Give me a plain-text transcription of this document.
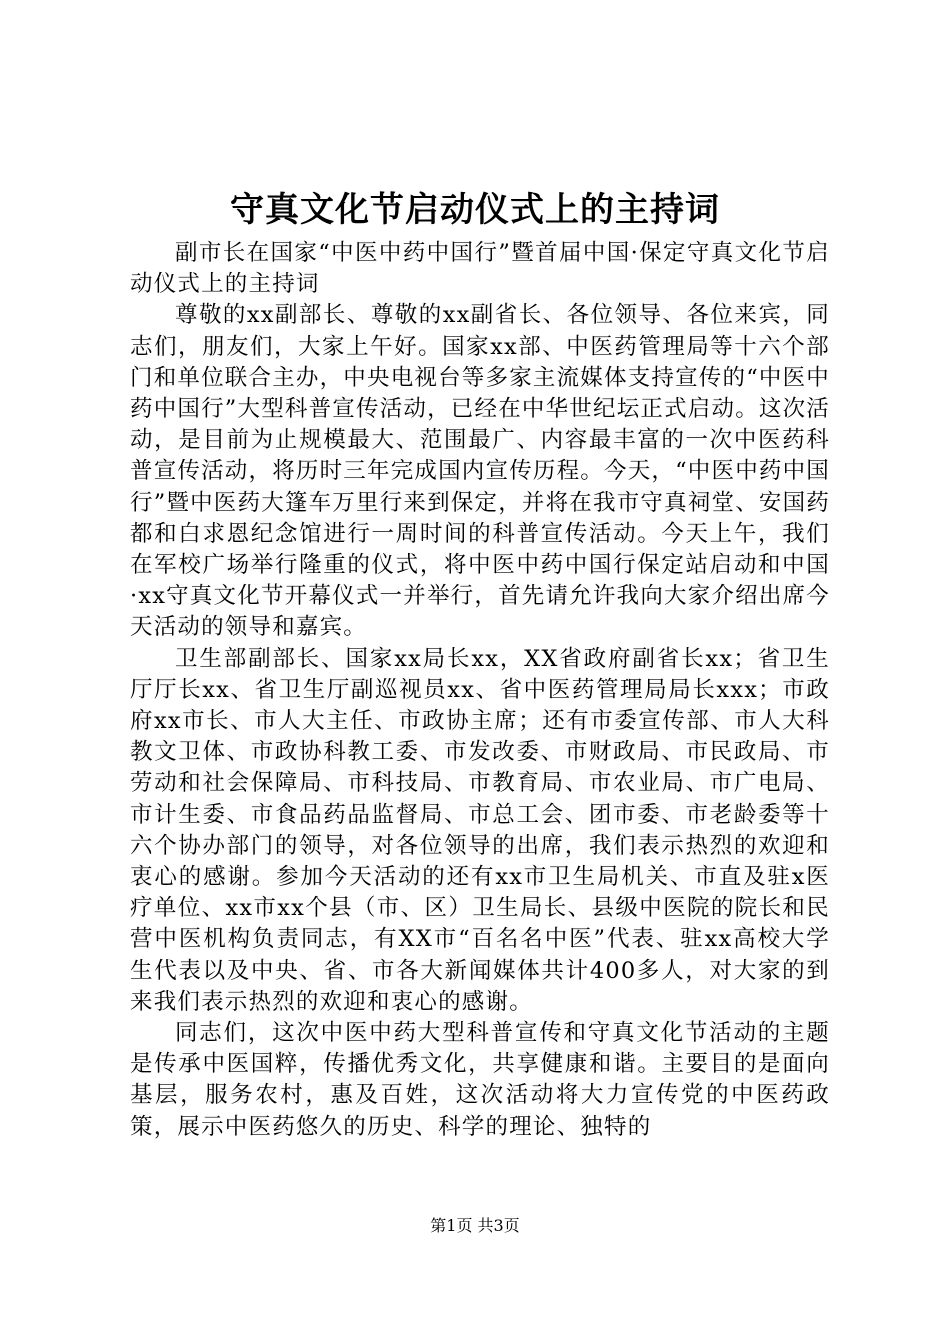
守真文化节启动仪式上的主持词

副市长在国家“中医中药中国行”暨首届中国·保定守真文化节启动仪式上的主持词

尊敬的xx副部长、尊敬的xx副省长、各位领导、各位来宾，同志们，朋友们，大家上午好。国家xx部、中医药管理局等十六个部门和单位联合主办，中央电视台等多家主流媒体支持宣传的“中医中药中国行”大型科普宣传活动，已经在中华世纪坛正式启动。这次活动，是目前为止规模最大、范围最广、内容最丰富的一次中医药科普宣传活动，将历时三年完成国内宣传历程。今天，“中医中药中国行”暨中医药大篷车万里行来到保定，并将在我市守真祠堂、安国药都和白求恩纪念馆进行一周时间的科普宣传活动。今天上午，我们在军校广场举行隆重的仪式，将中医中药中国行保定站启动和中国·xx守真文化节开幕仪式一并举行，首先请允许我向大家介绍出席今天活动的领导和嘉宾。

卫生部副部长、国家xx局长xx，XX省政府副省长xx；省卫生厅厅长xx、省卫生厅副巡视员xx、省中医药管理局局长xxx；市政府xx市长、市人大主任、市政协主席；还有市委宣传部、市人大科教文卫体、市政协科教工委、市发改委、市财政局、市民政局、市劳动和社会保障局、市科技局、市教育局、市农业局、市广电局、市计生委、市食品药品监督局、市总工会、团市委、市老龄委等十六个协办部门的领导，对各位领导的出席，我们表示热烈的欢迎和衷心的感谢。参加今天活动的还有xx市卫生局机关、市直及驻x医疗单位、xx市xx个县（市、区）卫生局长、县级中医院的院长和民营中医机构负责同志，有XX市“百名名中医”代表、驻xx高校大学生代表以及中央、省、市各大新闻媒体共计400多人，对大家的到来我们表示热烈的欢迎和衷心的感谢。

同志们，这次中医中药大型科普宣传和守真文化节活动的主题是传承中医国粹，传播优秀文化，共享健康和谐。主要目的是面向基层，服务农村，惠及百姓，这次活动将大力宣传党的中医药政策，展示中医药悠久的历史、科学的理论、独特的

第1页 共3页
